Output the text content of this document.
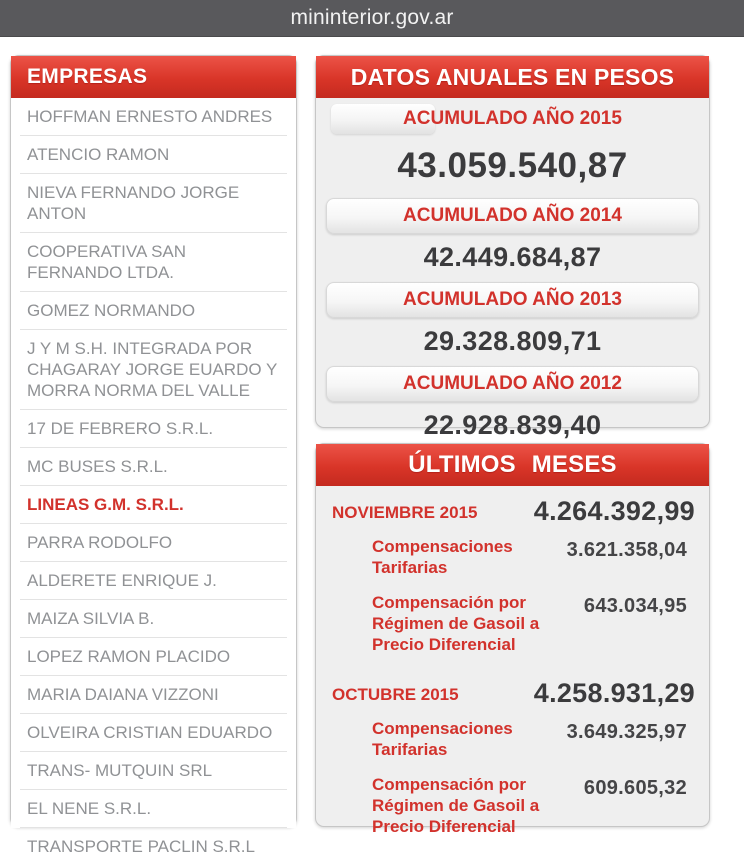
mininterior.gov.ar
EMPRESAS
HOFFMAN ERNESTO ANDRES
ATENCIO RAMON
NIEVA FERNANDO JORGE ANTON
COOPERATIVA SAN FERNANDO LTDA.
GOMEZ NORMANDO
J Y M S.H. INTEGRADA POR CHAGARAY JORGE EUARDO Y MORRA NORMA DEL VALLE
17 DE FEBRERO S.R.L.
MC BUSES S.R.L.
LINEAS G.M. S.R.L.
PARRA RODOLFO
ALDERETE ENRIQUE J.
MAIZA SILVIA B.
LOPEZ RAMON PLACIDO
MARIA DAIANA VIZZONI
OLVEIRA CRISTIAN EDUARDO
TRANS- MUTQUIN SRL
EL NENE S.R.L.
TRANSPORTE PACLIN S.R.L
DATOS ANUALES EN PESOS
ACUMULADO AÑO 2015
43.059.540,87
ACUMULADO AÑO 2014
42.449.684,87
ACUMULADO AÑO 2013
29.328.809,71
ACUMULADO AÑO 2012
22.928.839,40
ÚLTIMOS MESES
NOVIEMBRE 2015 4.264.392,99
Compensaciones Tarifarias
3.621.358,04
Compensación por Régimen de Gasoil a Precio Diferencial
643.034,95
OCTUBRE 2015	4.258.931,29
Compensaciones Tarifarias
3.649.325,97
Compensación por Régimen de Gasoil a Precio Diferencial
609.605,32
